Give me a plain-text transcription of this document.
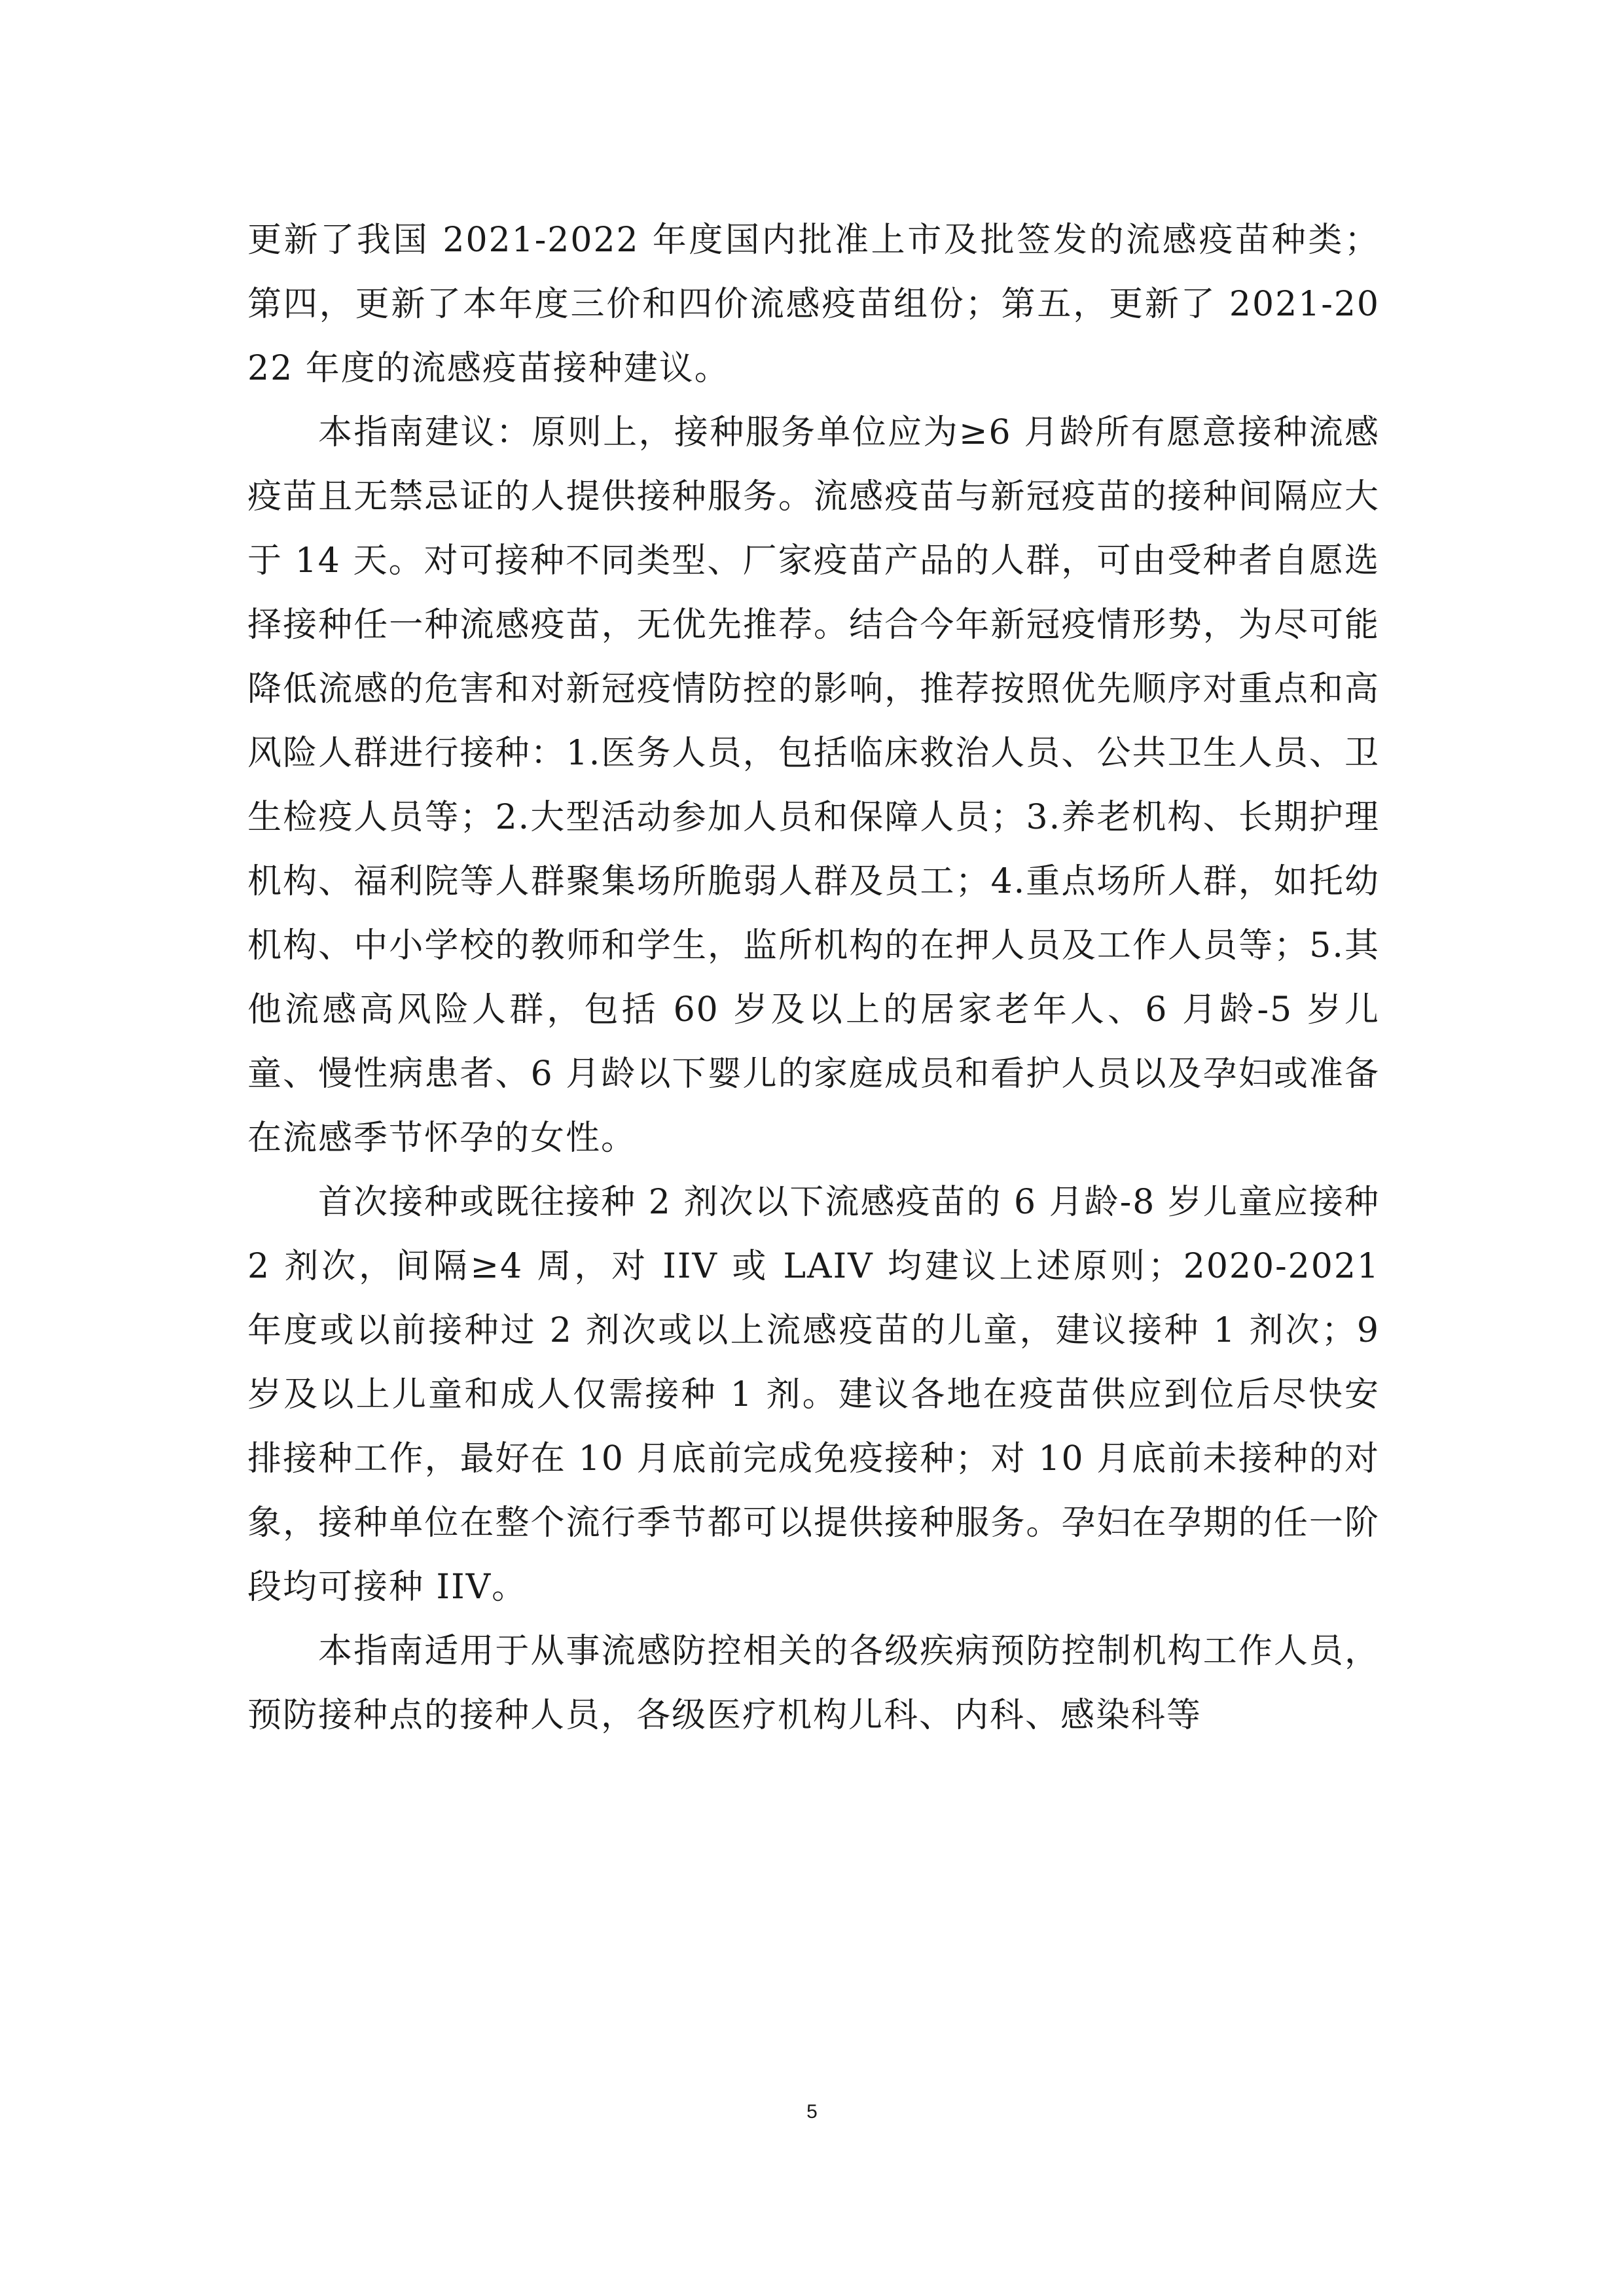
更新了我国 2021-2022 年度国内批准上市及批签发的流感疫苗种类；第四，更新了本年度三价和四价流感疫苗组份；第五，更新了 2021-2022 年度的流感疫苗接种建议。

本指南建议：原则上，接种服务单位应为≥6 月龄所有愿意接种流感疫苗且无禁忌证的人提供接种服务。流感疫苗与新冠疫苗的接种间隔应大于 14 天。对可接种不同类型、厂家疫苗产品的人群，可由受种者自愿选择接种任一种流感疫苗，无优先推荐。结合今年新冠疫情形势，为尽可能降低流感的危害和对新冠疫情防控的影响，推荐按照优先顺序对重点和高风险人群进行接种：1.医务人员，包括临床救治人员、公共卫生人员、卫生检疫人员等；2.大型活动参加人员和保障人员；3.养老机构、长期护理机构、福利院等人群聚集场所脆弱人群及员工；4.重点场所人群，如托幼机构、中小学校的教师和学生，监所机构的在押人员及工作人员等；5.其他流感高风险人群，包括 60 岁及以上的居家老年人、6 月龄-5 岁儿童、慢性病患者、6 月龄以下婴儿的家庭成员和看护人员以及孕妇或准备在流感季节怀孕的女性。

首次接种或既往接种 2 剂次以下流感疫苗的 6 月龄-8 岁儿童应接种 2 剂次，间隔≥4 周，对 IIV 或 LAIV 均建议上述原则；2020-2021 年度或以前接种过 2 剂次或以上流感疫苗的儿童，建议接种 1 剂次；9 岁及以上儿童和成人仅需接种 1 剂。建议各地在疫苗供应到位后尽快安排接种工作，最好在 10 月底前完成免疫接种；对 10 月底前未接种的对象，接种单位在整个流行季节都可以提供接种服务。孕妇在孕期的任一阶段均可接种 IIV。

本指南适用于从事流感防控相关的各级疾病预防控制机构工作人员，预防接种点的接种人员，各级医疗机构儿科、内科、感染科等

5
